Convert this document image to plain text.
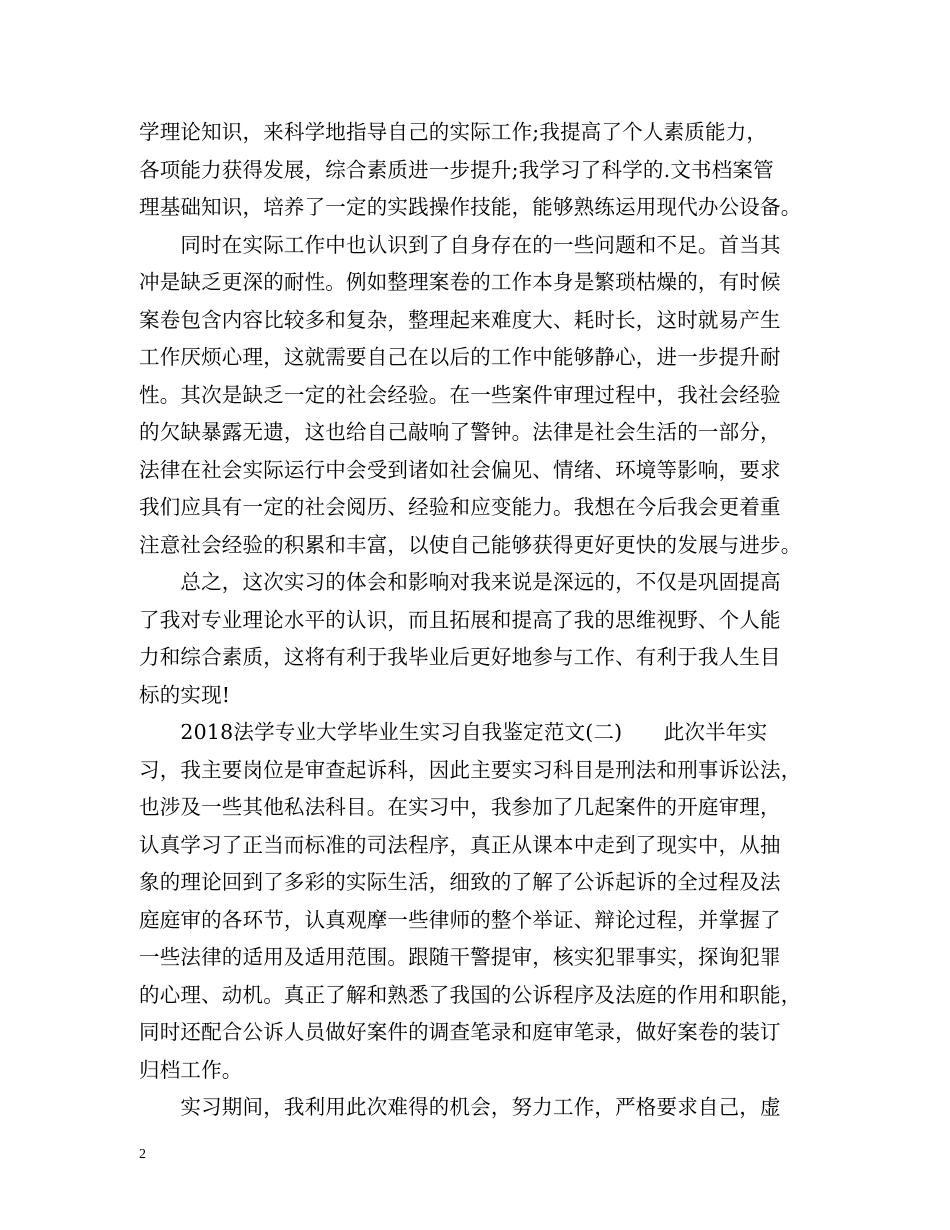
学理论知识，来科学地指导自己的实际工作;我提高了个人素质能力，
各项能力获得发展，综合素质进一步提升;我学习了科学的.文书档案管
理基础知识，培养了一定的实践操作技能，能够熟练运用现代办公设备。
　　同时在实际工作中也认识到了自身存在的一些问题和不足。首当其
冲是缺乏更深的耐性。例如整理案卷的工作本身是繁琐枯燥的，有时候
案卷包含内容比较多和复杂，整理起来难度大、耗时长，这时就易产生
工作厌烦心理，这就需要自己在以后的工作中能够静心，进一步提升耐
性。其次是缺乏一定的社会经验。在一些案件审理过程中，我社会经验
的欠缺暴露无遗，这也给自己敲响了警钟。法律是社会生活的一部分，
法律在社会实际运行中会受到诸如社会偏见、情绪、环境等影响，要求
我们应具有一定的社会阅历、经验和应变能力。我想在今后我会更着重
注意社会经验的积累和丰富，以使自己能够获得更好更快的发展与进步。
　　总之，这次实习的体会和影响对我来说是深远的，不仅是巩固提高
了我对专业理论水平的认识，而且拓展和提高了我的思维视野、个人能
力和综合素质，这将有利于我毕业后更好地参与工作、有利于我人生目
标的实现!
　　2018法学专业大学毕业生实习自我鉴定范文(二)　　此次半年实
习，我主要岗位是审查起诉科，因此主要实习科目是刑法和刑事诉讼法，
也涉及一些其他私法科目。在实习中，我参加了几起案件的开庭审理，
认真学习了正当而标准的司法程序，真正从课本中走到了现实中，从抽
象的理论回到了多彩的实际生活，细致的了解了公诉起诉的全过程及法
庭庭审的各环节，认真观摩一些律师的整个举证、辩论过程，并掌握了
一些法律的适用及适用范围。跟随干警提审，核实犯罪事实，探询犯罪
的心理、动机。真正了解和熟悉了我国的公诉程序及法庭的作用和职能，
同时还配合公诉人员做好案件的调查笔录和庭审笔录，做好案卷的装订
归档工作。
　　实习期间，我利用此次难得的机会，努力工作，严格要求自己，虚
2
